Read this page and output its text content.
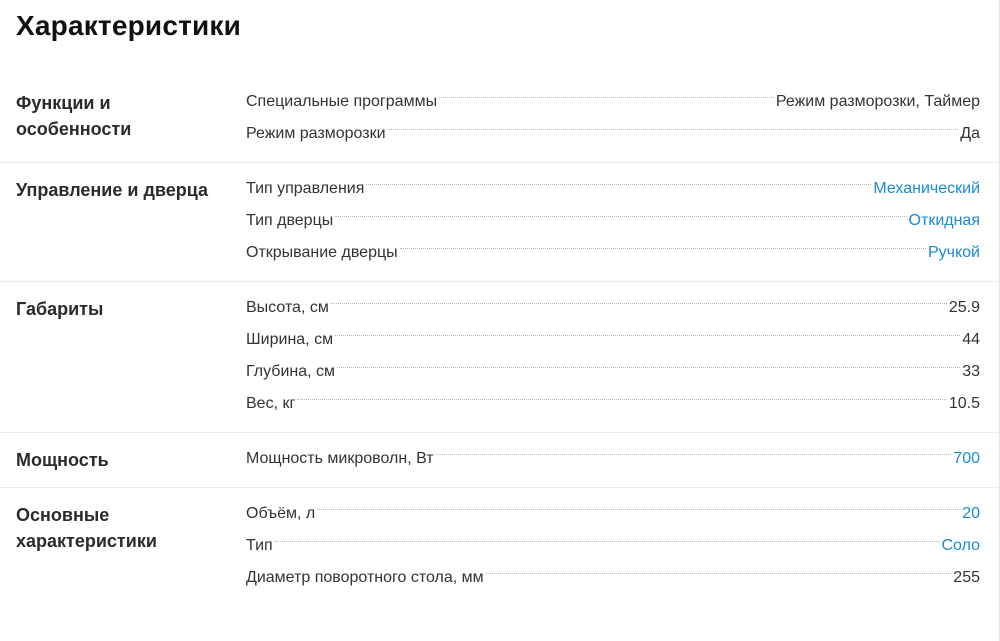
Характеристики
Функции и особенности
Специальные программы	Режим разморозки, Таймер
Режим разморозки	Да
Управление и дверца	Тип управления	Механический
Тип дверцы	Откидная
Открывание дверцы	Ручкой
Габариты	Высота, см	25.9
Ширина, см	44
Глубина, см	33
Вес, кг	10.5
Мощность	Мощность микроволн, Вт	700
Основные характеристики
Объём, л	20
Тип	Соло
Диаметр поворотного стола, мм	255
